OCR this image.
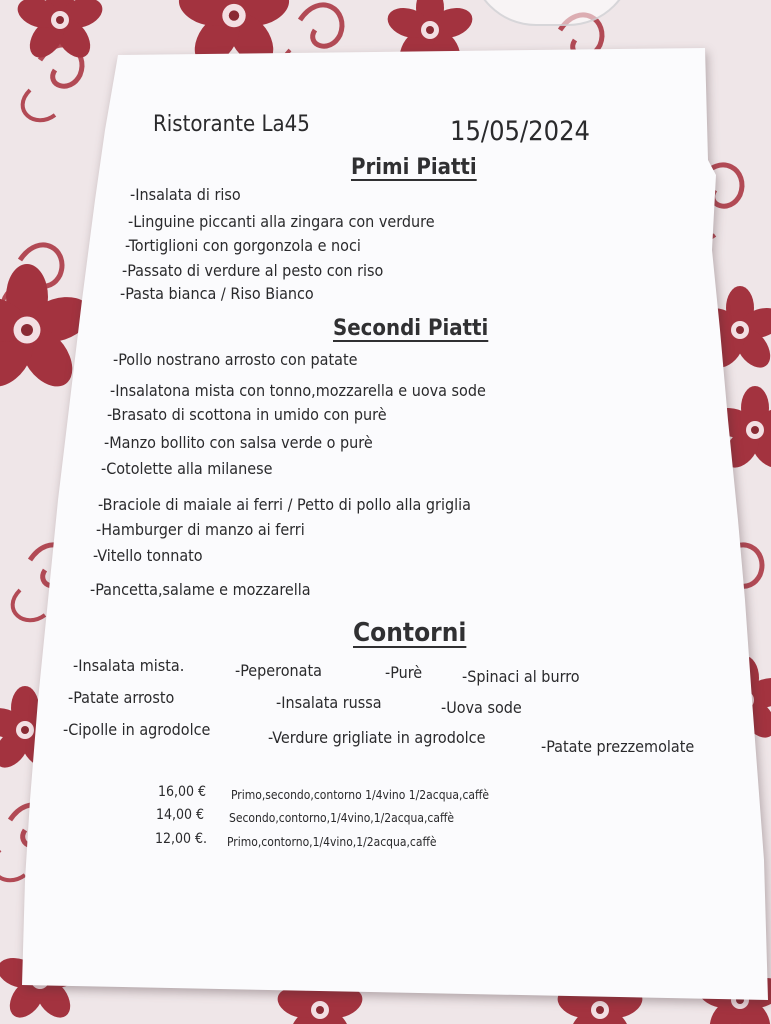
Ristorante La45	15/05/2024
Primi Piatti
-Insalata di riso
-Linguine piccanti alla zingara con verdure
-Tortiglioni con gorgonzola e noci
-Passato di verdure al pesto con riso
-Pasta bianca / Riso Bianco
Secondi Piatti
-Pollo nostrano arrosto con patate
-Insalatona mista con tonno,mozzarella e uova sode
-Brasato di scottona in umido con purè
-Manzo bollito con salsa verde o purè
-Cotolette alla milanese
-Braciole di maiale ai ferri / Petto di pollo alla griglia
-Hamburger di manzo ai ferri
-Vitello tonnato
-Pancetta,salame e mozzarella
Contorni
-Insalata mista.	-Peperonata	-Purè -Spinaci al burro
-Patate arrosto	-Insalata russa	-Uova sode
-Cipolle in agrodolce	-Verdure grigliate in agrodolce	-Patate prezzemolate
16,00 € Primo,secondo,contorno 1/4vino 1/2acqua,caffè
14,00 € Secondo,contorno,1/4vino,1/2acqua,caffè
12,00 €. Primo,contorno,1/4vino,1/2acqua,caffè
